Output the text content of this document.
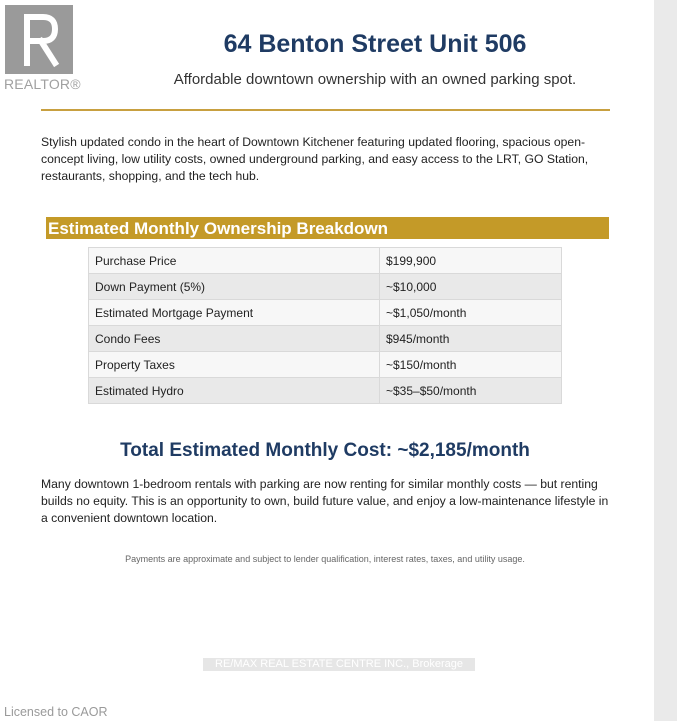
REALTOR®
64 Benton Street Unit 506
Affordable downtown ownership with an owned parking spot.
Stylish updated condo in the heart of Downtown Kitchener featuring updated flooring, spacious open-concept living, low utility costs, owned underground parking, and easy access to the LRT, GO Station, restaurants, shopping, and the tech hub.
Estimated Monthly Ownership Breakdown
Purchase Price	$199,900
Down Payment (5%)	~$10,000
Estimated Mortgage Payment	~$1,050/month
Condo Fees	$945/month
Property Taxes	~$150/month
Estimated Hydro	~$35–$50/month
Total Estimated Monthly Cost: ~$2,185/month
Many downtown 1-bedroom rentals with parking are now renting for similar monthly costs — but renting builds no equity. This is an opportunity to own, build future value, and enjoy a low-maintenance lifestyle in a convenient downtown location.
Payments are approximate and subject to lender qualification, interest rates, taxes, and utility usage.
RE/MAX REAL ESTATE CENTRE INC., Brokerage
Licensed to CAOR
